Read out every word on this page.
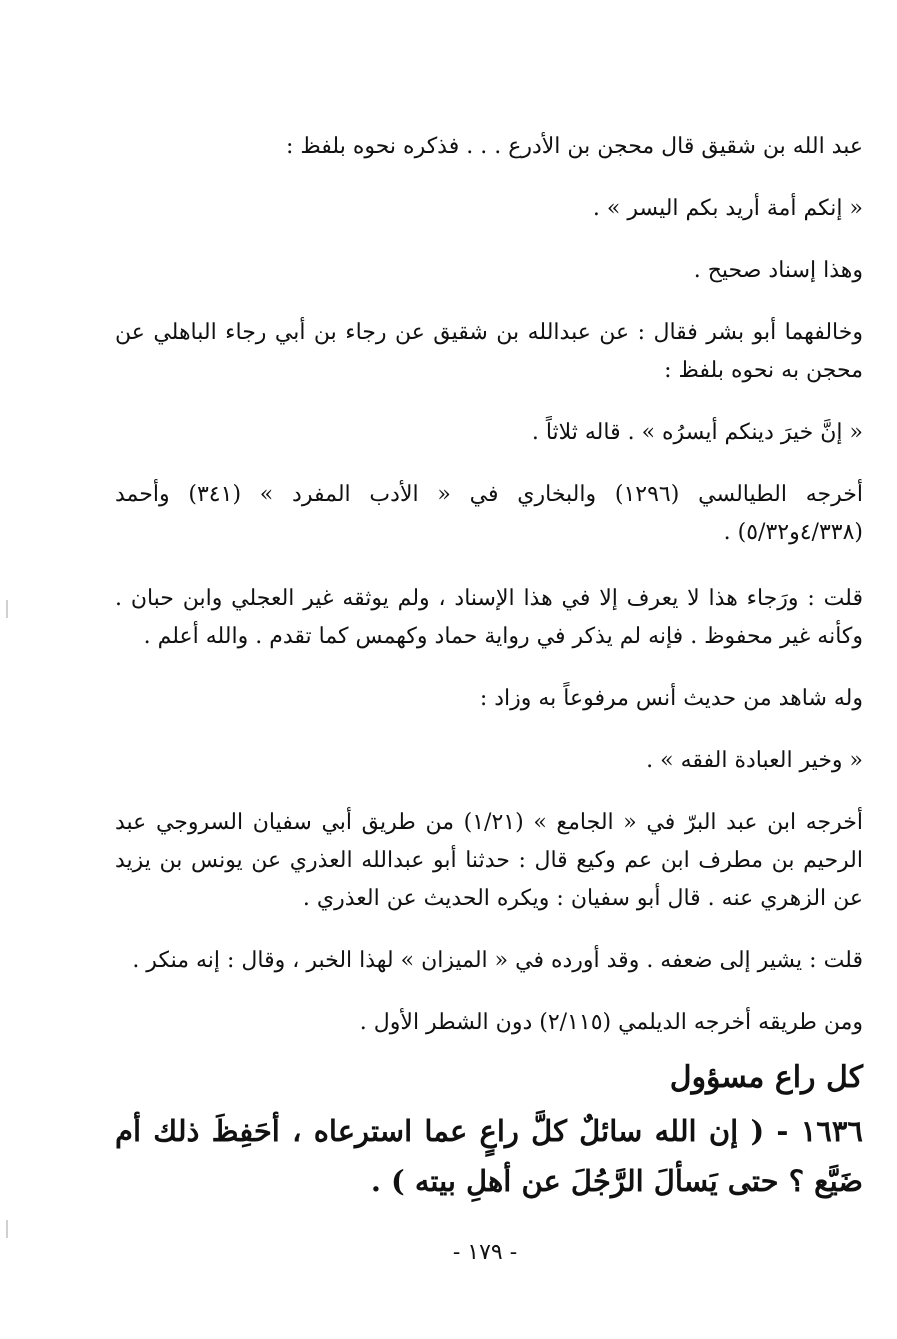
عبد الله بن شقيق قال محجن بن الأدرع . . . فذكره نحوه بلفظ :

« إنكم أمة أريد بكم اليسر » .

وهذا إسناد صحيح .

وخالفهما أبو بشر فقال : عن عبدالله بن شقيق عن رجاء بن أبي رجاء الباهلي عن محجن به نحوه بلفظ :

« إنَّ خيرَ دينكم أيسرُه » . قاله ثلاثاً .

أخرجه الطيالسي (١٢٩٦) والبخاري في « الأدب المفرد » (٣٤١) وأحمد (٤/٣٣٨و٥/٣٢) .

قلت : ورَجاء هذا لا يعرف إلا في هذا الإسناد ، ولم يوثقه غير العجلي وابن حبان . وكأنه غير محفوظ . فإنه لم يذكر في رواية حماد وكهمس كما تقدم . والله أعلم .

وله شاهد من حديث أنس مرفوعاً به وزاد :

« وخير العبادة الفقه » .

أخرجه ابن عبد البرّ في « الجامع » (١/٢١) من طريق أبي سفيان السروجي عبد الرحيم بن مطرف ابن عم وكيع قال : حدثنا أبو عبدالله العذري عن يونس بن يزيد عن الزهري عنه . قال أبو سفيان : ويكره الحديث عن العذري .

قلت : يشير إلى ضعفه . وقد أورده في « الميزان » لهذا الخبر ، وقال : إنه منكر .

ومن طريقه أخرجه الديلمي (٢/١١٥) دون الشطر الأول .

كل راع مسؤول
١٦٣٦ - ( إن الله سائلٌ كلَّ راعٍ عما استرعاه ، أحَفِظَ ذلك أم ضَيَّع ؟ حتى يَسألَ الرَّجُلَ عن أهلِ بيته ) .
- ١٧٩ -
